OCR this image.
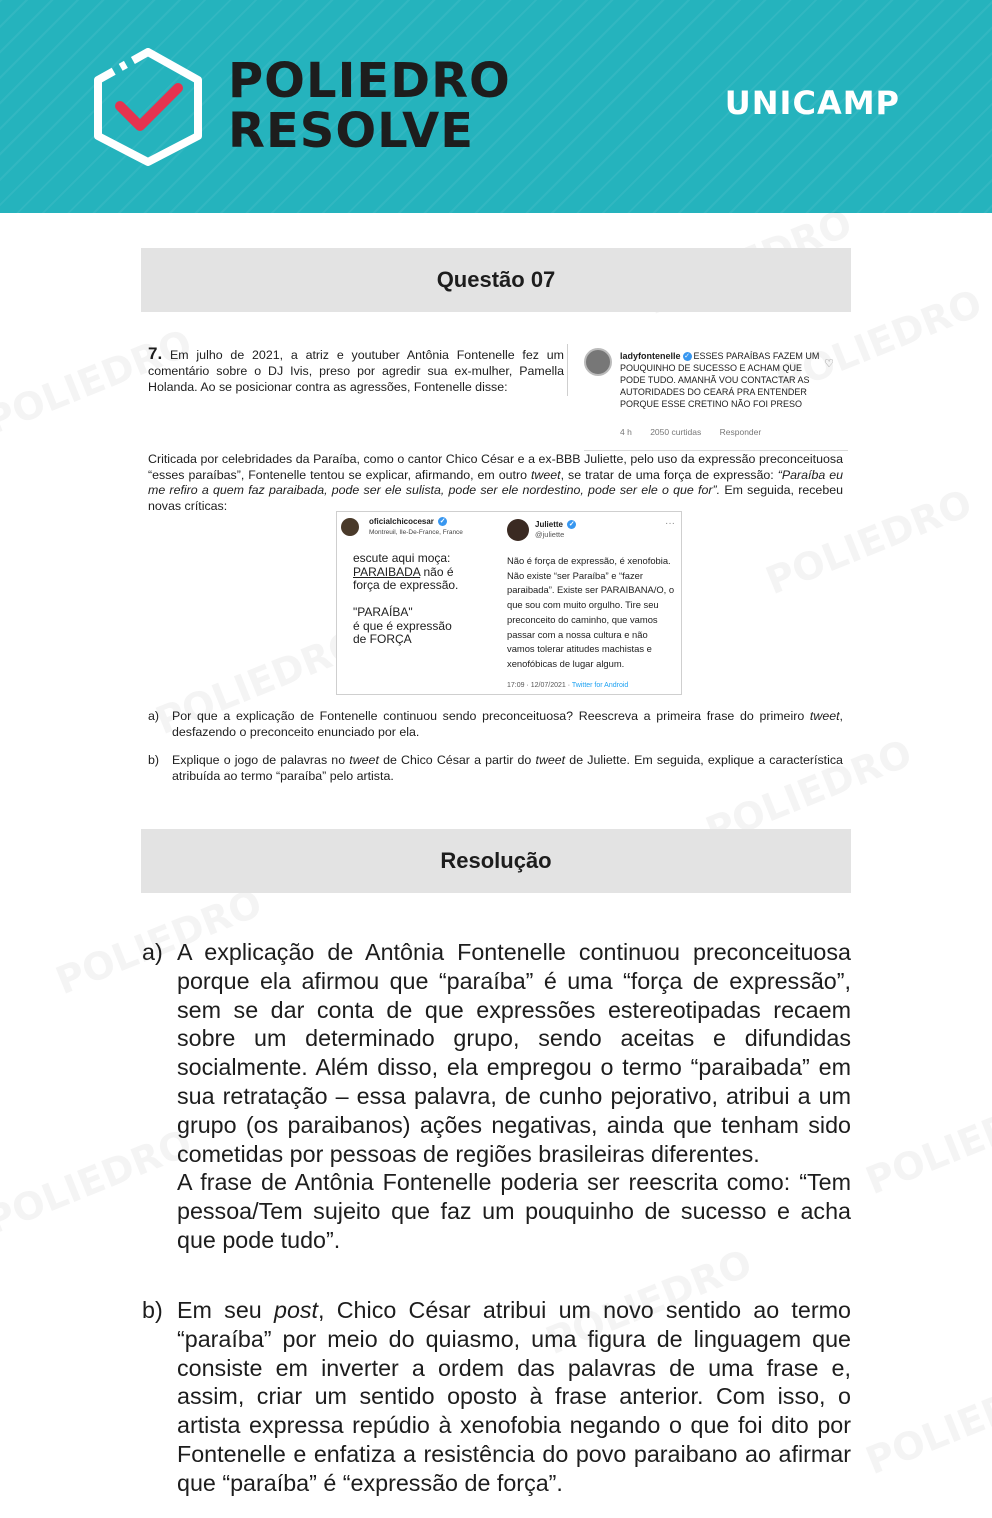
POLIEDRO
RESOLVE	UNICAMP
Questão 07
7. Em julho de 2021, a atriz e youtuber Antônia Fontenelle fez um comentário sobre o DJ Ivis, preso por agredir sua ex-mulher, Pamella Holanda. Ao se posicionar contra as agressões, Fontenelle disse:
ladyfontenelle ✓ ESSES PARAÍBAS FAZEM UM POUQUINHO DE SUCESSO E ACHAM QUE PODE TUDO. AMANHÃ VOU CONTACTAR AS AUTORIDADES DO CEARÁ PRA ENTENDER PORQUE ESSE CRETINO NÃO FOI PRESO
♡
4 h 2050 curtidas Responder
Criticada por celebridades da Paraíba, como o cantor Chico César e a ex-BBB Juliette, pelo uso da expressão preconceituosa “esses paraíbas”, Fontenelle tentou se explicar, afirmando, em outro tweet, se tratar de uma força de expressão: “Paraíba eu me refiro a quem faz paraibada, pode ser ele sulista, pode ser ele nordestino, pode ser ele o que for”. Em seguida, recebeu novas críticas:
oficialchicocesar ✓
Montreuil, Ile-De-France, France
escute aqui moça:
PARAIBADA não é
força de expressão.
"PARAÍBA"
é que é expressão
de FORÇA
Juliette ✓
@juliette
···
Não é força de expressão, é xenofobia. Não existe “ser Paraíba” e “fazer paraibada”. Existe ser PARAIBANA/O, o que sou com muito orgulho. Tire seu preconceito do caminho, que vamos passar com a nossa cultura e não vamos tolerar atitudes machistas e xenofóbicas de lugar algum.
17:09 · 12/07/2021 · Twitter for Android
a) Por que a explicação de Fontenelle continuou sendo preconceituosa? Reescreva a primeira frase do primeiro tweet, desfazendo o preconceito enunciado por ela.
b) Explique o jogo de palavras no tweet de Chico César a partir do tweet de Juliette. Em seguida, explique a característica atribuída ao termo “paraíba” pelo artista.
Resolução
a) A explicação de Antônia Fontenelle continuou preconceituosa porque ela afirmou que “paraíba” é uma “força de expressão”, sem se dar conta de que expressões estereotipadas recaem sobre um determinado grupo, sendo aceitas e difundidas socialmente. Além disso, ela empregou o termo “paraibada” em sua retratação – essa palavra, de cunho pejorativo, atribui a um grupo (os paraibanos) ações negativas, ainda que tenham sido cometidas por pessoas de regiões brasileiras diferentes.

A frase de Antônia Fontenelle poderia ser reescrita como: “Tem pessoa/Tem sujeito que faz um pouquinho de sucesso e acha que pode tudo”.

b) Em seu post, Chico César atribui um novo sentido ao termo “paraíba” por meio do quiasmo, uma figura de linguagem que consiste em inverter a ordem das palavras de uma frase e, assim, criar um sentido oposto à frase anterior. Com isso, o artista expressa repúdio à xenofobia negando o que foi dito por Fontenelle e enfatiza a resistência do povo paraibano ao afirmar que “paraíba” é “expressão de força”.
